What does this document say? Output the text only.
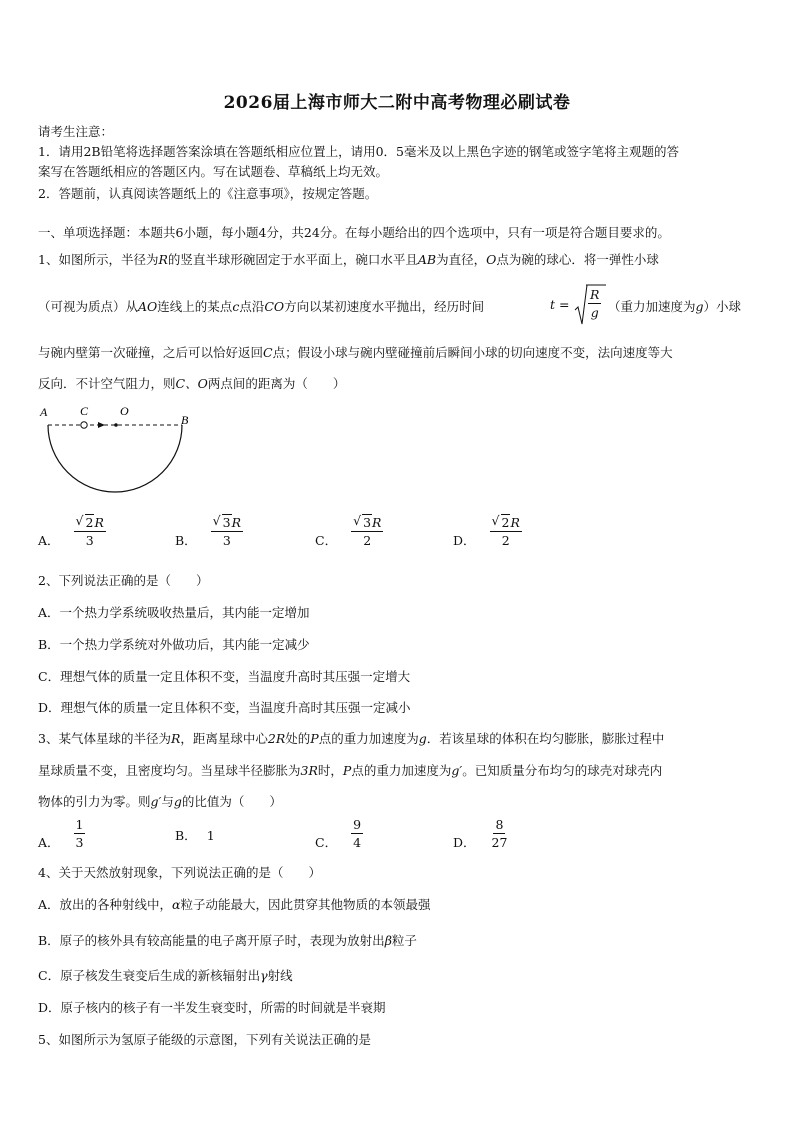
2026届上海市师大二附中高考物理必刷试卷
请考生注意：
1．请用2B铅笔将选择题答案涂填在答题纸相应位置上，请用0．5毫米及以上黑色字迹的钢笔或签字笔将主观题的答
案写在答题纸相应的答题区内。写在试题卷、草稿纸上均无效。
2．答题前，认真阅读答题纸上的《注意事项》，按规定答题。
一、单项选择题：本题共6小题，每小题4分，共24分。在每小题给出的四个选项中，只有一项是符合题目要求的。
1、如图所示，半径为R的竖直半球形碗固定于水平面上，碗口水平且AB为直径，O点为碗的球心．将一弹性小球
（可视为质点）从AO连线上的某点c点沿CO方向以某初速度水平抛出，经历时间	$t = \frac{R}{g}$ （重力加速度为g）小球
与碗内壁第一次碰撞，之后可以恰好返回C点；假设小球与碗内壁碰撞前后瞬间小球的切向速度不变，法向速度等大
反向．不计空气阻力，则C、O两点间的距离为（　　）
A	C	O
B
A． √ $\frac{2R}{3}$	B． √ $\frac{3R}{3}$	C． √ $\frac{3R}{2}$	D． √ $\frac{2R}{2}$
2、下列说法正确的是（　　）
A．一个热力学系统吸收热量后，其内能一定增加
B．一个热力学系统对外做功后，其内能一定减少
C．理想气体的质量一定且体积不变，当温度升高时其压强一定增大
D．理想气体的质量一定且体积不变，当温度升高时其压强一定减小
3、某气体星球的半径为R，距离星球中心2R处的P点的重力加速度为g．若该星球的体积在均匀膨胀，膨胀过程中
星球质量不变，且密度均匀。当星球半径膨胀为3R时，P点的重力加速度为g′。已知质量分布均匀的球壳对球壳内
物体的引力为零。则g′与g的比值为（　　）
A． $\frac{1}{3}$	B． 1	C． $\frac{9}{4}$	D． $\frac{8}{27}$
4、关于天然放射现象，下列说法正确的是（　　）
A．放出的各种射线中，α粒子动能最大，因此贯穿其他物质的本领最强
B．原子的核外具有较高能量的电子离开原子时，表现为放射出β粒子
C．原子核发生衰变后生成的新核辐射出γ射线
D．原子核内的核子有一半发生衰变时，所需的时间就是半衰期
5、如图所示为氢原子能级的示意图，下列有关说法正确的是
